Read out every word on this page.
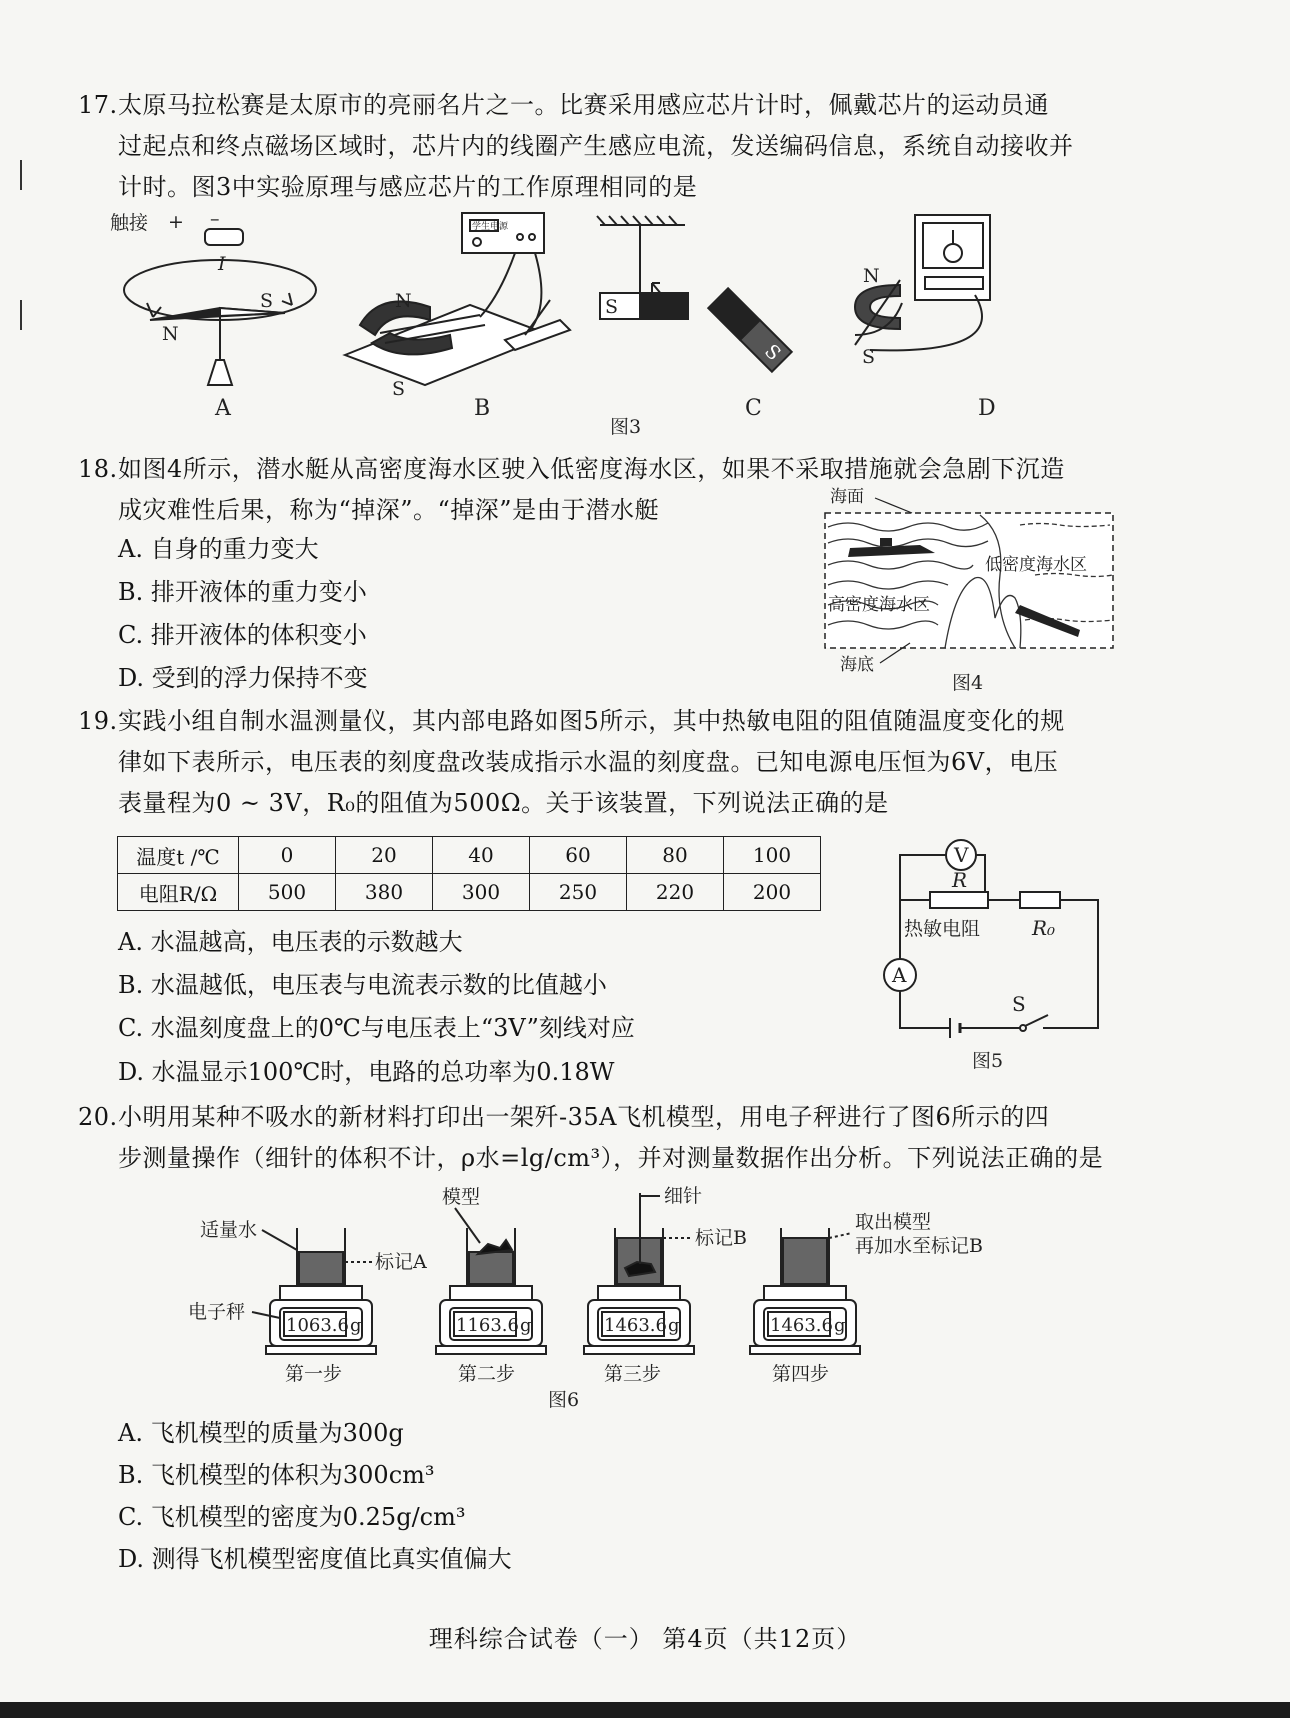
17.太原马拉松赛是太原市的亮丽名片之一。比赛采用感应芯片计时，佩戴芯片的运动员通
过起点和终点磁场区域时，芯片内的线圈产生感应电流，发送编码信息，系统自动接收并
计时。图3中实验原理与感应芯片的工作原理相同的是
触接 + –
I
N
S	N
S
学生电源
S
S
N
S
A	B	C	D
图3
18.如图4所示，潜水艇从高密度海水区驶入低密度海水区，如果不采取措施就会急剧下沉造
成灾难性后果，称为“掉深”。“掉深”是由于潜水艇
A. 自身的重力变大
B. 排开液体的重力变小
C. 排开液体的体积变小
D. 受到的浮力保持不变
海面
低密度海水区
高密度海水区
海底
图4
19.实践小组自制水温测量仪，其内部电路如图5所示，其中热敏电阻的阻值随温度变化的规
律如下表所示，电压表的刻度盘改装成指示水温的刻度盘。已知电源电压恒为6V，电压
表量程为0 ~ 3V，R₀的阻值为500Ω。关于该装置，下列说法正确的是
温度t /℃	0	20	40	60	80	100
电阻R/Ω	500	380	300	250	220	200
A. 水温越高，电压表的示数越大
B. 水温越低，电压表与电流表示数的比值越小
C. 水温刻度盘上的0℃与电压表上“3V”刻线对应
D. 水温显示100℃时，电路的总功率为0.18W
V
A
R
热敏电阻	R₀
S
图5
20.小明用某种不吸水的新材料打印出一架歼-35A飞机模型，用电子秤进行了图6所示的四
步测量操作（细针的体积不计，ρ水=lg/cm³），并对测量数据作出分析。下列说法正确的是
适量水
标记A
电子秤
模型	细针
标记B
取出模型
再加水至标记B
1063.6 g	1163.6 g	1463.6 g	1463.6 g
第一步	第二步	第三步	第四步
图6
A. 飞机模型的质量为300g
B. 飞机模型的体积为300cm³
C. 飞机模型的密度为0.25g/cm³
D. 测得飞机模型密度值比真实值偏大
理科综合试卷（一） 第4页（共12页）
